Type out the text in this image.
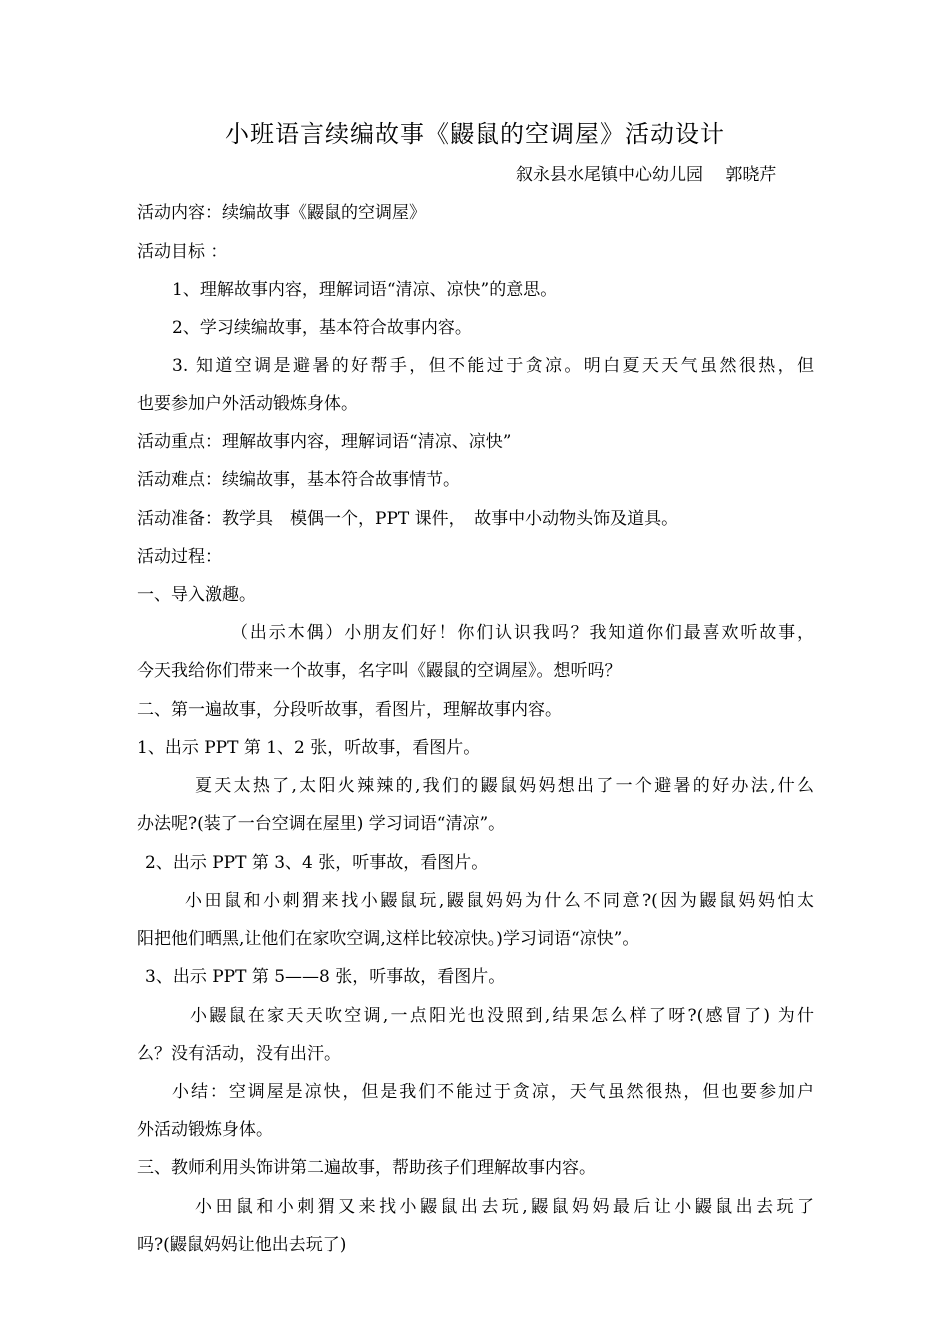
小班语言续编故事《鼹鼠的空调屋》活动设计
叙永县水尾镇中心幼儿园　 郭晓芹
活动内容：续编故事《鼹鼠的空调屋》
活动目标 ：
1、理解故事内容，理解词语“清凉、凉快”的意思。
2、学习续编故事，基本符合故事内容。
3. 知道空调是避暑的好帮手，但不能过于贪凉。明白夏天天气虽然很热，但
也要参加户外活动锻炼身体。
活动重点：理解故事内容，理解词语“清凉、凉快”
活动难点：续编故事，基本符合故事情节。
活动准备：教学具　模偶一个，PPT 课件，　故事中小动物头饰及道具。
活动过程：
一、导入激趣。
（出示木偶）小朋友们好！你们认识我吗？我知道你们最喜欢听故事，
今天我给你们带来一个故事，名字叫《鼹鼠的空调屋》。想听吗？
二、第一遍故事，分段听故事，看图片，理解故事内容。
1、出示 PPT 第 1、2 张，听故事，看图片。
夏天太热了,太阳火辣辣的,我们的鼹鼠妈妈想出了一个避暑的好办法,什么
办法呢?(装了一台空调在屋里) 学习词语“清凉”。
2、出示 PPT 第 3、4 张，听事故，看图片。
小田鼠和小刺猬来找小鼹鼠玩,鼹鼠妈妈为什么不同意?(因为鼹鼠妈妈怕太
阳把他们晒黑,让他们在家吹空调,这样比较凉快。)学习词语“凉快”。
3、出示 PPT 第 5——8 张，听事故，看图片。
小鼹鼠在家天天吹空调,一点阳光也没照到,结果怎么样了呀?(感冒了) 为什
么？没有活动，没有出汗。
小结：空调屋是凉快，但是我们不能过于贪凉，天气虽然很热，但也要参加户
外活动锻炼身体。
三、教师利用头饰讲第二遍故事，帮助孩子们理解故事内容。
小田鼠和小刺猬又来找小鼹鼠出去玩,鼹鼠妈妈最后让小鼹鼠出去玩了
吗?(鼹鼠妈妈让他出去玩了)
